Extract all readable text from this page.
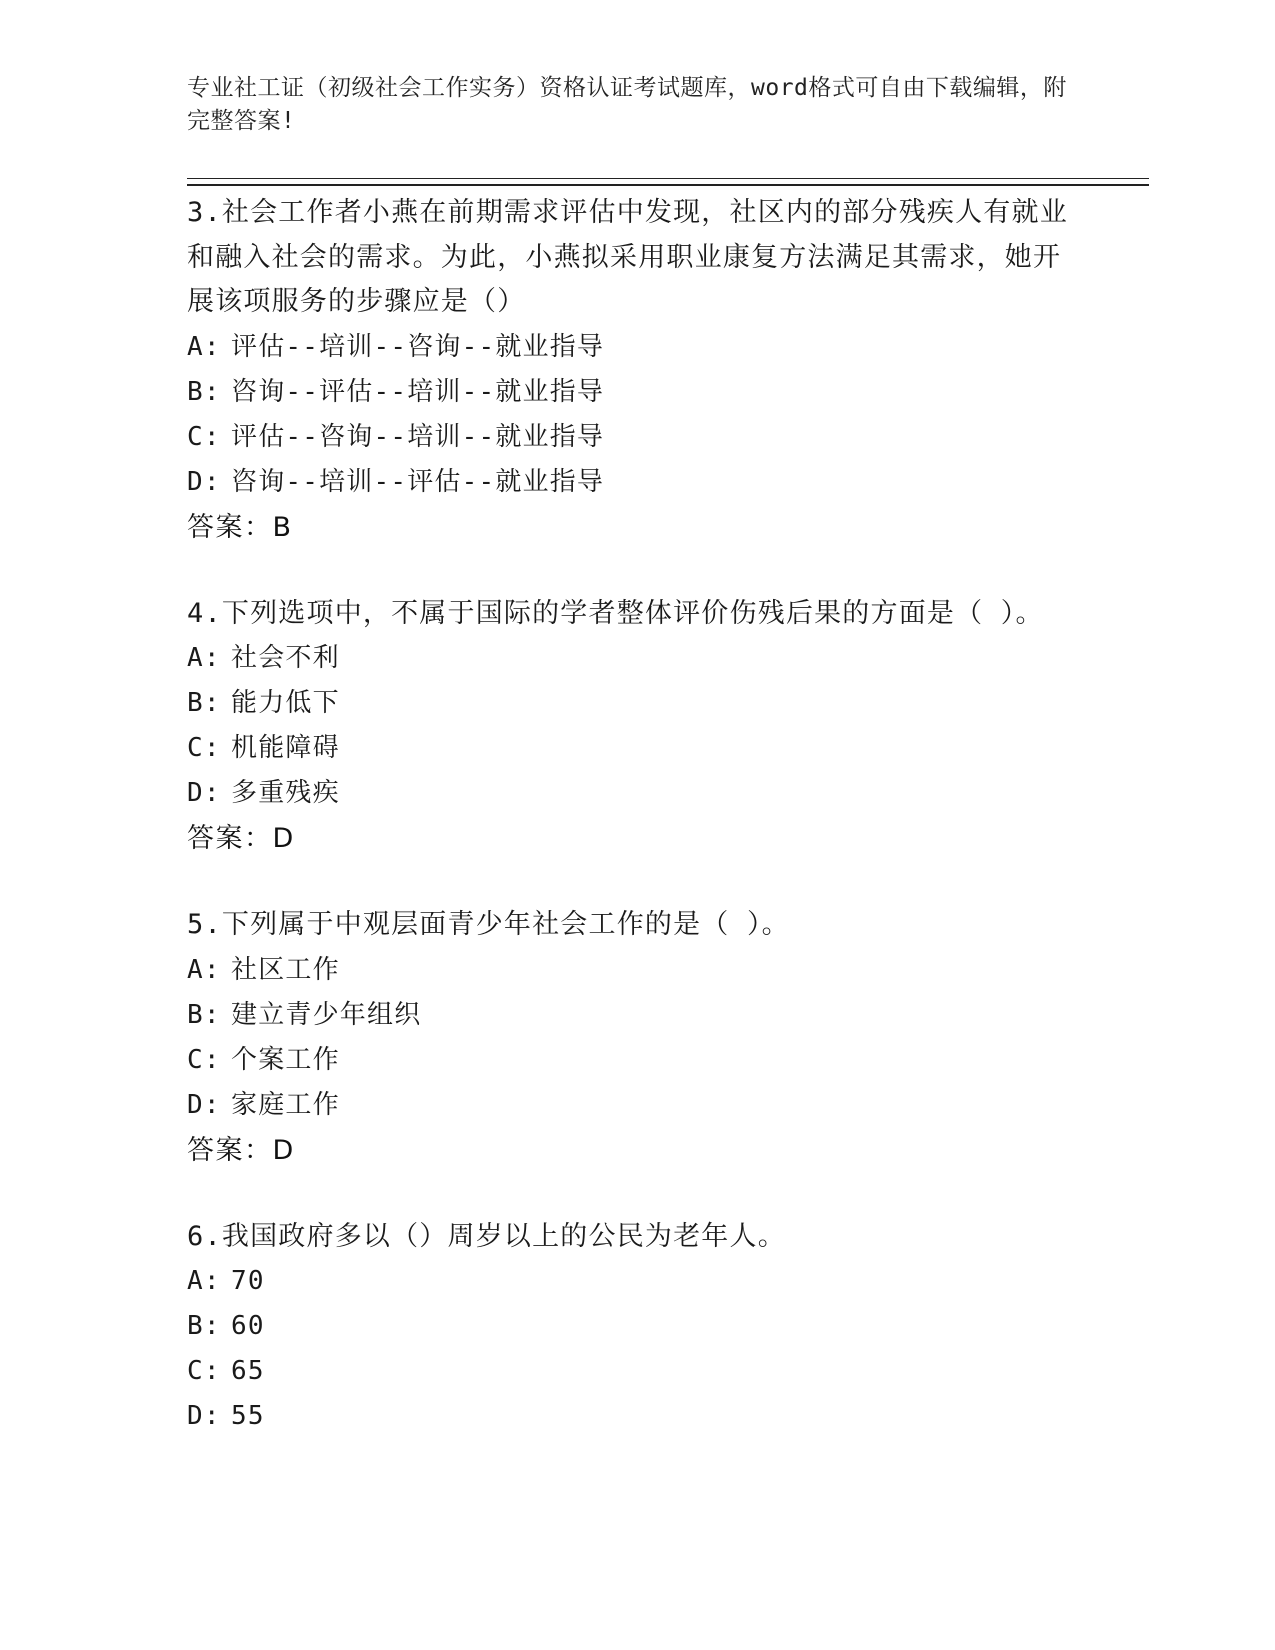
专业社工证（初级社会工作实务）资格认证考试题库，word格式可自由下载编辑，附完整答案!

3.社会工作者小燕在前期需求评估中发现，社区内的部分残疾人有就业和融入社会的需求。为此，小燕拟采用职业康复方法满足其需求，她开展该项服务的步骤应是（）

A: 评估--培训--咨询--就业指导
B: 咨询--评估--培训--就业指导
C: 评估--咨询--培训--就业指导
D: 咨询--培训--评估--就业指导
答案：B

4.下列选项中，不属于国际的学者整体评价伤残后果的方面是（ ）。

A: 社会不利
B: 能力低下
C: 机能障碍
D: 多重残疾
答案：D

5.下列属于中观层面青少年社会工作的是（ ）。

A: 社区工作
B: 建立青少年组织
C: 个案工作
D: 家庭工作
答案：D

6.我国政府多以（）周岁以上的公民为老年人。

A: 70
B: 60
C: 65
D: 55
